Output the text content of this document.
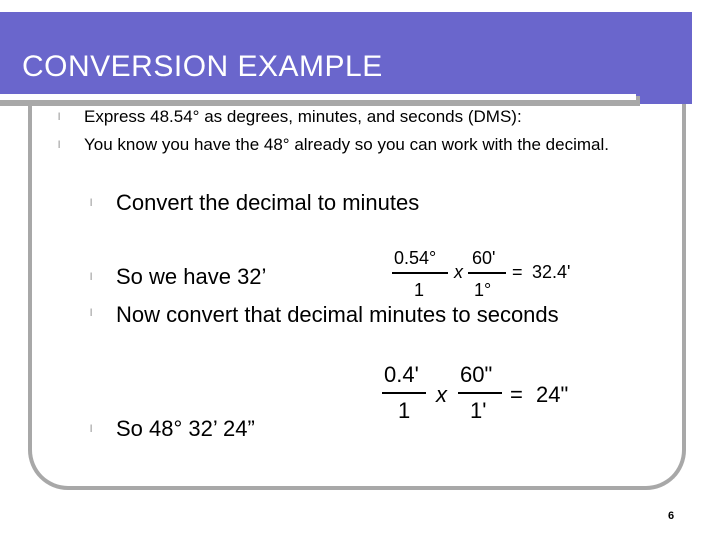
CONVERSION EXAMPLE
l Express 48.54° as degrees, minutes, and seconds (DMS):
l You know you have the 48° already so you can work with the decimal.
l Convert the decimal to minutes
l So we have 32’
l Now convert that decimal minutes to seconds
l So 48° 32’ 24”
0.54°
1
x
60'
1°
= 32.4'
0.4'
1
x
60"
1'
= 24"
6
